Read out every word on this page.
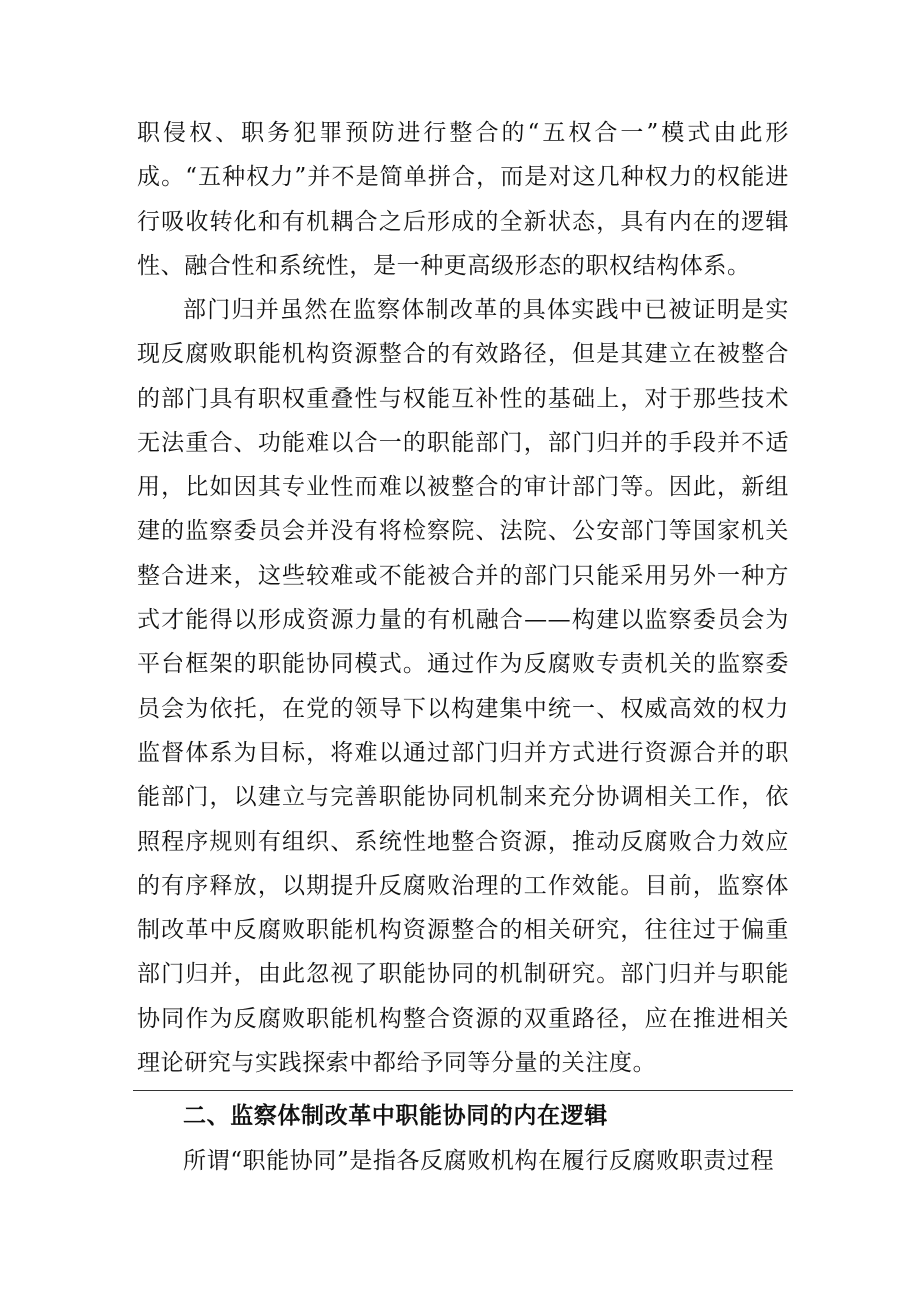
职侵权、职务犯罪预防进行整合的“五权合一”模式由此形成。“五种权力”并不是简单拼合，而是对这几种权力的权能进行吸收转化和有机耦合之后形成的全新状态，具有内在的逻辑性、融合性和系统性，是一种更高级形态的职权结构体系。

部门归并虽然在监察体制改革的具体实践中已被证明是实现反腐败职能机构资源整合的有效路径，但是其建立在被整合的部门具有职权重叠性与权能互补性的基础上，对于那些技术无法重合、功能难以合一的职能部门，部门归并的手段并不适用，比如因其专业性而难以被整合的审计部门等。因此，新组建的监察委员会并没有将检察院、法院、公安部门等国家机关整合进来，这些较难或不能被合并的部门只能采用另外一种方式才能得以形成资源力量的有机融合——构建以监察委员会为平台框架的职能协同模式。通过作为反腐败专责机关的监察委员会为依托，在党的领导下以构建集中统一、权威高效的权力监督体系为目标，将难以通过部门归并方式进行资源合并的职能部门，以建立与完善职能协同机制来充分协调相关工作，依照程序规则有组织、系统性地整合资源，推动反腐败合力效应的有序释放，以期提升反腐败治理的工作效能。目前，监察体制改革中反腐败职能机构资源整合的相关研究，往往过于偏重部门归并，由此忽视了职能协同的机制研究。部门归并与职能协同作为反腐败职能机构整合资源的双重路径，应在推进相关理论研究与实践探索中都给予同等分量的关注度。

二、监察体制改革中职能协同的内在逻辑

所谓“职能协同”是指各反腐败机构在履行反腐败职责过程
